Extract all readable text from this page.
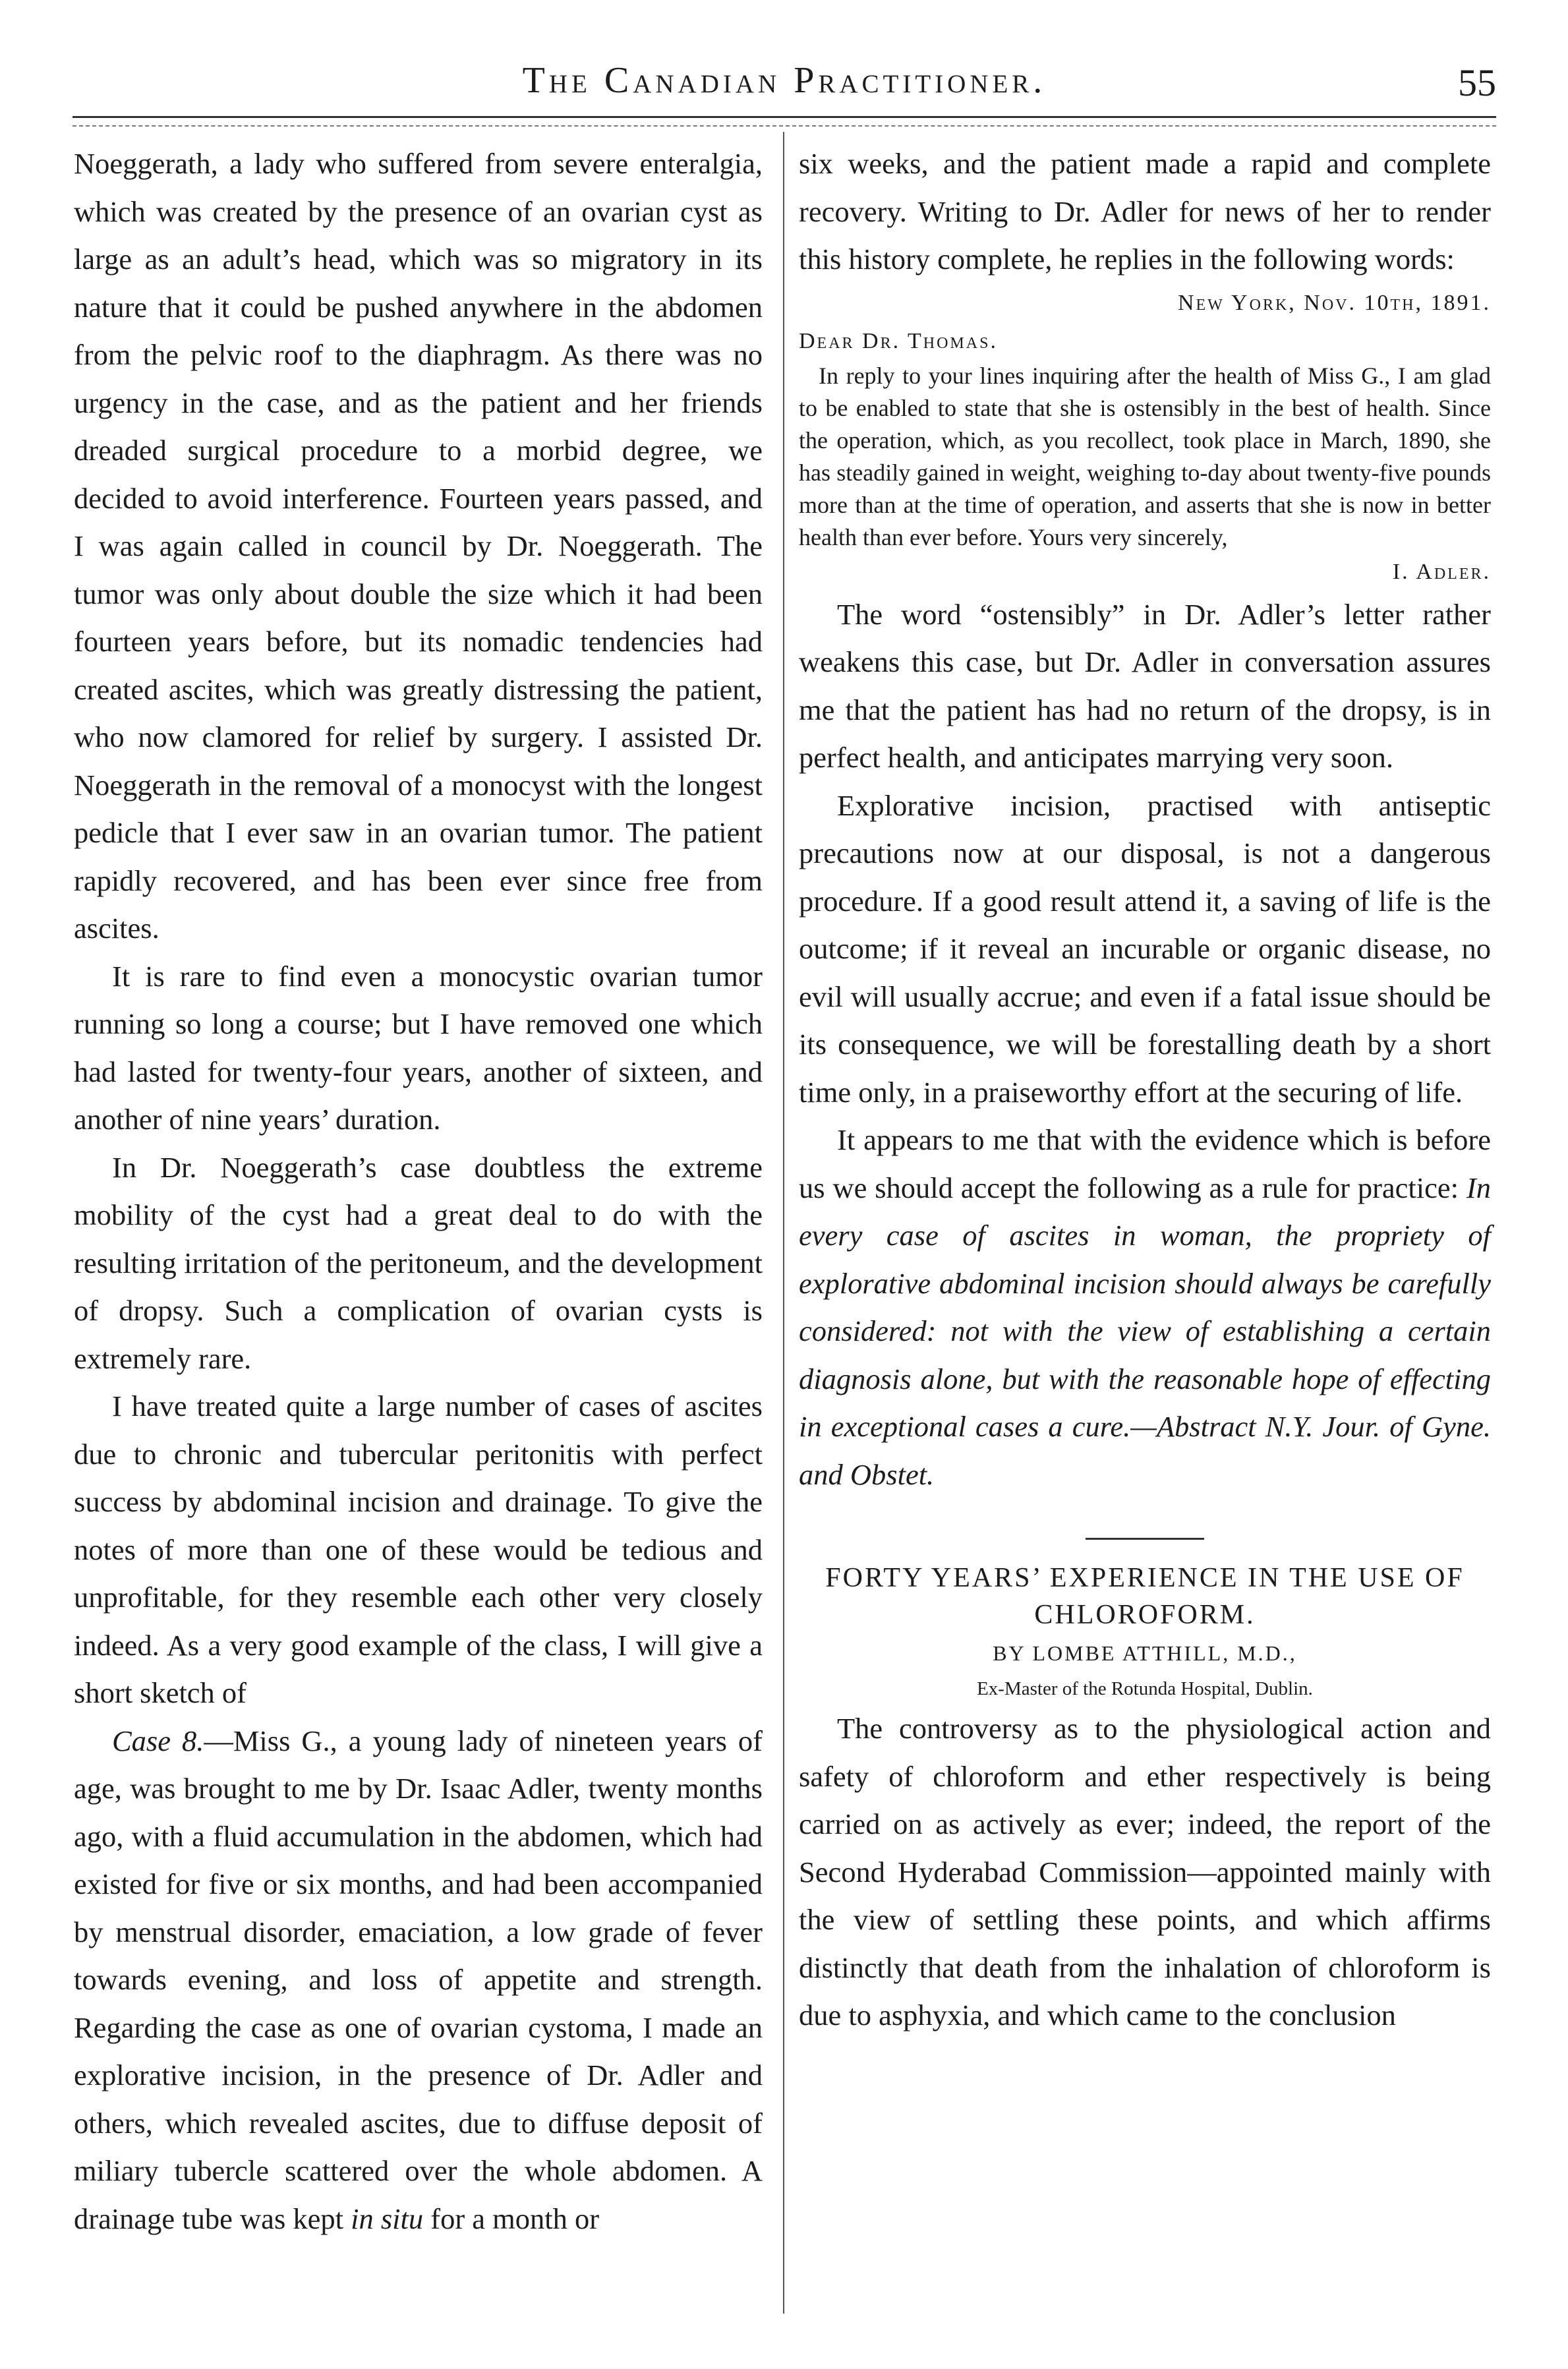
The Canadian Practitioner.	55

Noeggerath, a lady who suffered from severe enteralgia, which was created by the presence of an ovarian cyst as large as an adult’s head, which was so migratory in its nature that it could be pushed anywhere in the abdomen from the pelvic roof to the diaphragm. As there was no urgency in the case, and as the patient and her friends dreaded surgical procedure to a morbid degree, we decided to avoid interference. Fourteen years passed, and I was again called in council by Dr. Noeggerath. The tumor was only about double the size which it had been fourteen years before, but its nomadic tendencies had created ascites, which was greatly distressing the patient, who now clamored for relief by surgery. I assisted Dr. Noeggerath in the removal of a monocyst with the longest pedicle that I ever saw in an ovarian tumor. The patient rapidly recovered, and has been ever since free from ascites.

It is rare to find even a monocystic ovarian tumor running so long a course; but I have removed one which had lasted for twenty-four years, another of sixteen, and another of nine years’ duration.

In Dr. Noeggerath’s case doubtless the extreme mobility of the cyst had a great deal to do with the resulting irritation of the peritoneum, and the development of dropsy. Such a complication of ovarian cysts is extremely rare.

I have treated quite a large number of cases of ascites due to chronic and tubercular peritonitis with perfect success by abdominal incision and drainage. To give the notes of more than one of these would be tedious and unprofitable, for they resemble each other very closely indeed. As a very good example of the class, I will give a short sketch of

Case 8.—Miss G., a young lady of nineteen years of age, was brought to me by Dr. Isaac Adler, twenty months ago, with a fluid accumulation in the abdomen, which had existed for five or six months, and had been accompanied by menstrual disorder, emaciation, a low grade of fever towards evening, and loss of appetite and strength. Regarding the case as one of ovarian cystoma, I made an explorative incision, in the presence of Dr. Adler and others, which revealed ascites, due to diffuse deposit of miliary tubercle scattered over the whole abdomen. A drainage tube was kept in situ for a month or

six weeks, and the patient made a rapid and complete recovery. Writing to Dr. Adler for news of her to render this history complete, he replies in the following words:

New York, Nov. 10th, 1891.

Dear Dr. Thomas.

In reply to your lines inquiring after the health of Miss G., I am glad to be enabled to state that she is ostensibly in the best of health. Since the operation, which, as you recollect, took place in March, 1890, she has steadily gained in weight, weighing to-day about twenty-five pounds more than at the time of operation, and asserts that she is now in better health than ever before. Yours very sincerely,

I. Adler.

The word “ostensibly” in Dr. Adler’s letter rather weakens this case, but Dr. Adler in conversation assures me that the patient has had no return of the dropsy, is in perfect health, and anticipates marrying very soon.

Explorative incision, practised with antiseptic precautions now at our disposal, is not a dangerous procedure. If a good result attend it, a saving of life is the outcome; if it reveal an incurable or organic disease, no evil will usually accrue; and even if a fatal issue should be its consequence, we will be forestalling death by a short time only, in a praiseworthy effort at the securing of life.

It appears to me that with the evidence which is before us we should accept the following as a rule for practice: In every case of ascites in woman, the propriety of explorative abdominal incision should always be carefully considered: not with the view of establishing a certain diagnosis alone, but with the reasonable hope of effecting in exceptional cases a cure.—Abstract N.Y. Jour. of Gyne. and Obstet.

FORTY YEARS’ EXPERIENCE IN THE USE OF CHLOROFORM.

BY LOMBE ATTHILL, M.D.,

Ex-Master of the Rotunda Hospital, Dublin.

The controversy as to the physiological action and safety of chloroform and ether respectively is being carried on as actively as ever; indeed, the report of the Second Hyderabad Commission—appointed mainly with the view of settling these points, and which affirms distinctly that death from the inhalation of chloroform is due to asphyxia, and which came to the conclusion
